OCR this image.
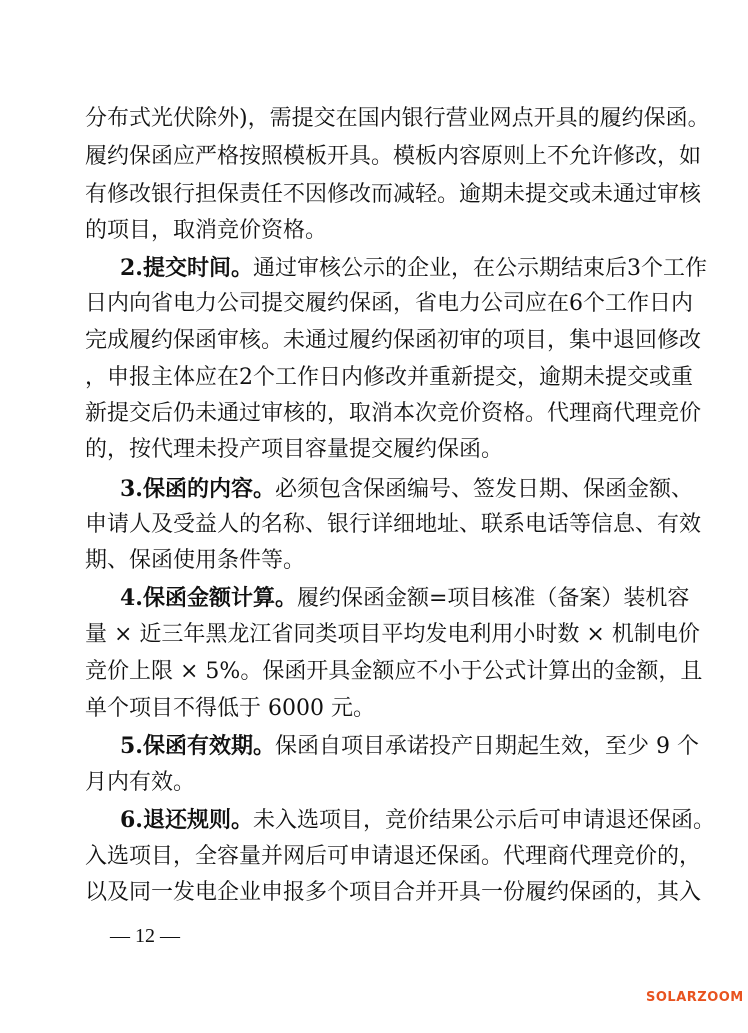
分布式光伏除外)，需提交在国内银行营业网点开具的履约保函。
履约保函应严格按照模板开具。模板内容原则上不允许修改，如
有修改银行担保责任不因修改而减轻。逾期未提交或未通过审核
的项目，取消竞价资格。
2.提交时间。通过审核公示的企业，在公示期结束后3个工作
日内向省电力公司提交履约保函，省电力公司应在6个工作日内
完成履约保函审核。未通过履约保函初审的项目，集中退回修改
，申报主体应在2个工作日内修改并重新提交，逾期未提交或重
新提交后仍未通过审核的，取消本次竞价资格。代理商代理竞价
的，按代理未投产项目容量提交履约保函。
3.保函的内容。必须包含保函编号、签发日期、保函金额、
申请人及受益人的名称、银行详细地址、联系电话等信息、有效
期、保函使用条件等。
4.保函金额计算。履约保函金额=项目核准（备案）装机容
量 × 近三年黑龙江省同类项目平均发电利用小时数 × 机制电价
竞价上限 × 5%。保函开具金额应不小于公式计算出的金额，且
单个项目不得低于 6000 元。
5.保函有效期。保函自项目承诺投产日期起生效，至少 9 个
月内有效。
6.退还规则。未入选项目，竞价结果公示后可申请退还保函。
入选项目，全容量并网后可申请退还保函。代理商代理竞价的，
以及同一发电企业申报多个项目合并开具一份履约保函的，其入
— 12 —
SOLARZOOM
